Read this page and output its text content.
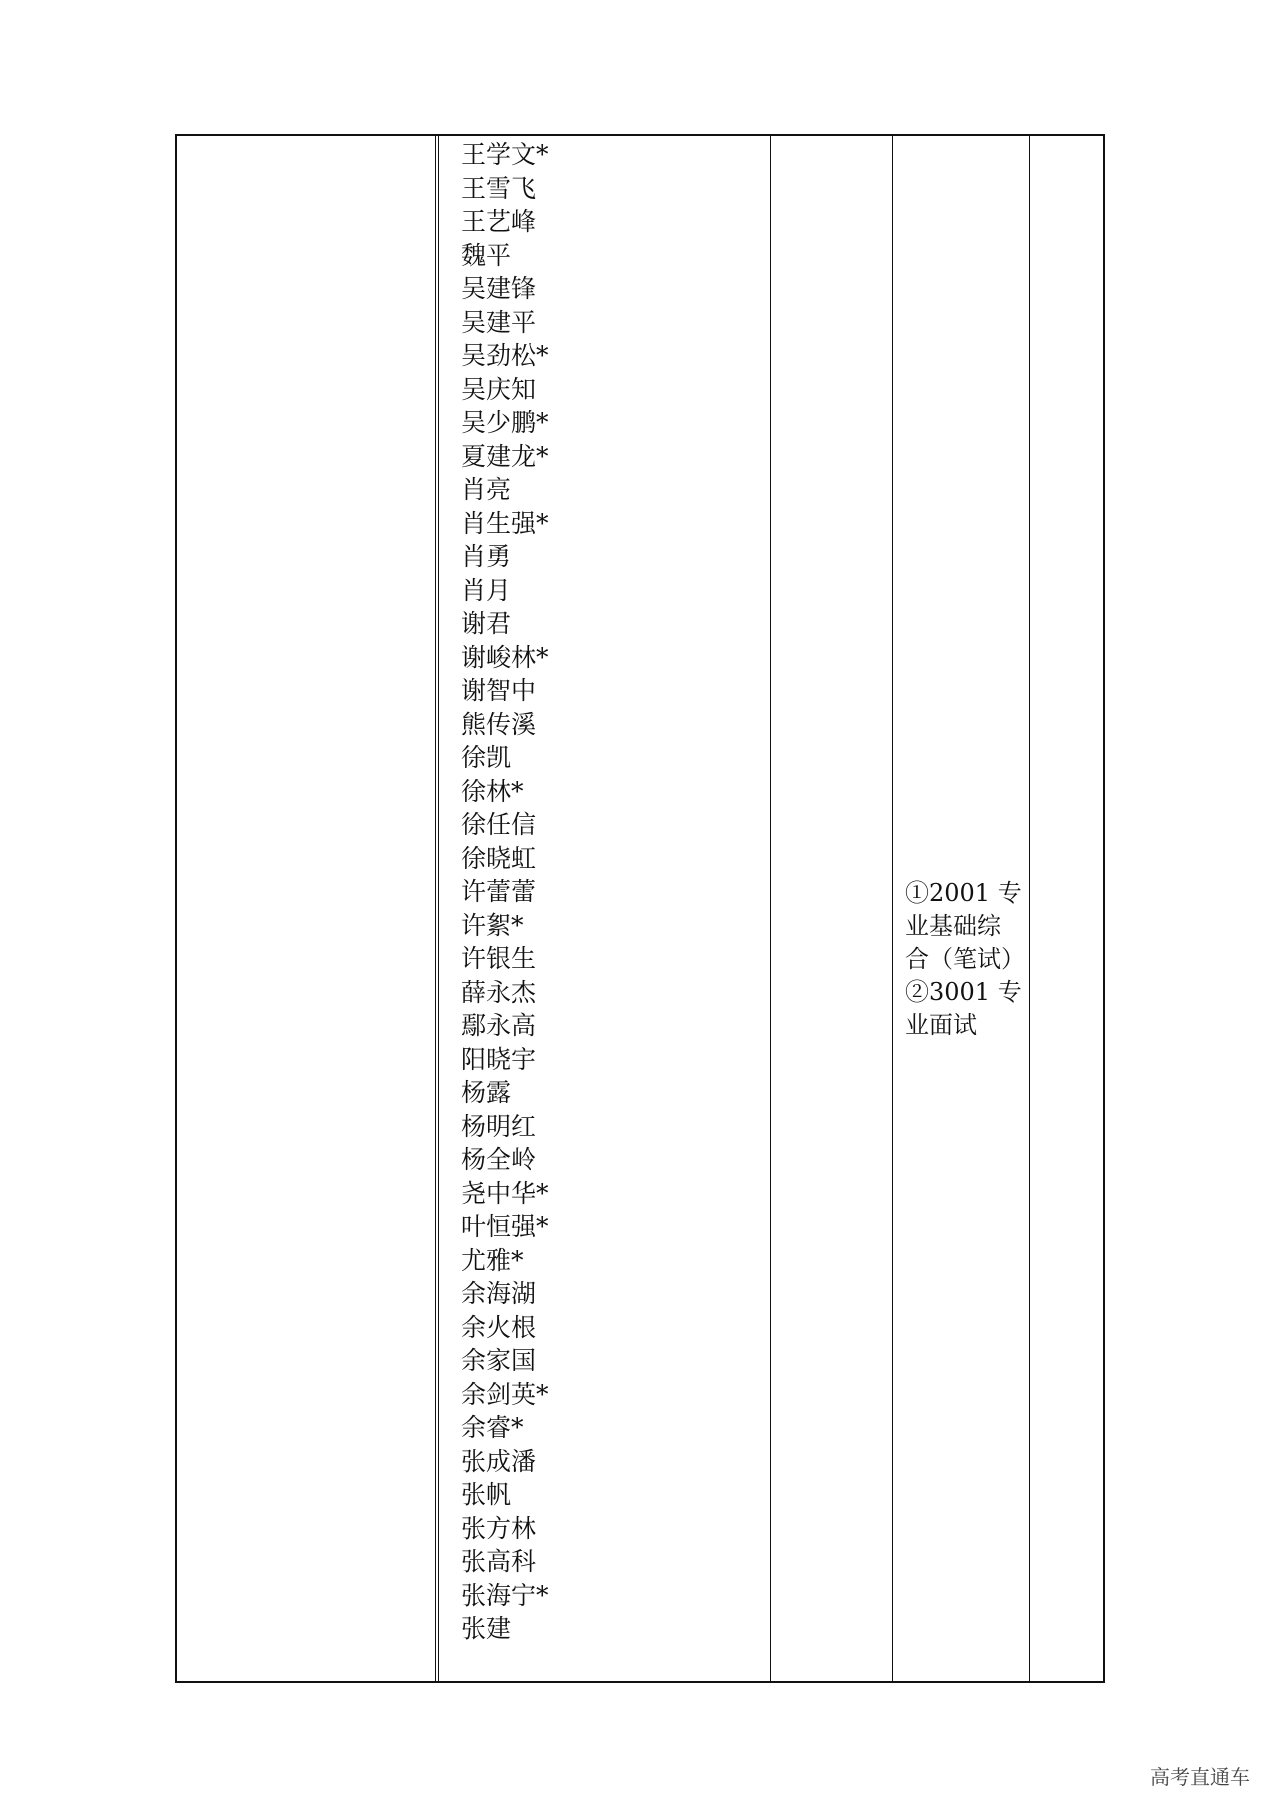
王学文*
王雪飞
王艺峰
魏平
吴建锋
吴建平
吴劲松*
吴庆知
吴少鹏*
夏建龙*
肖亮
肖生强*
肖勇
肖月
谢君
谢峻林*
谢智中
熊传溪
徐凯
徐林*
徐任信
徐晓虹
许蕾蕾
许絮*
许银生
薛永杰
鄢永高
阳晓宇
杨露
杨明红
杨全岭
尧中华*
叶恒强*
尤雅*
余海湖
余火根
余家国
余剑英*
余睿*
张成潘
张帆
张方林
张高科
张海宁*
张建
①2001 专
业基础综
合（笔试）
②3001 专
业面试
高考直通车
